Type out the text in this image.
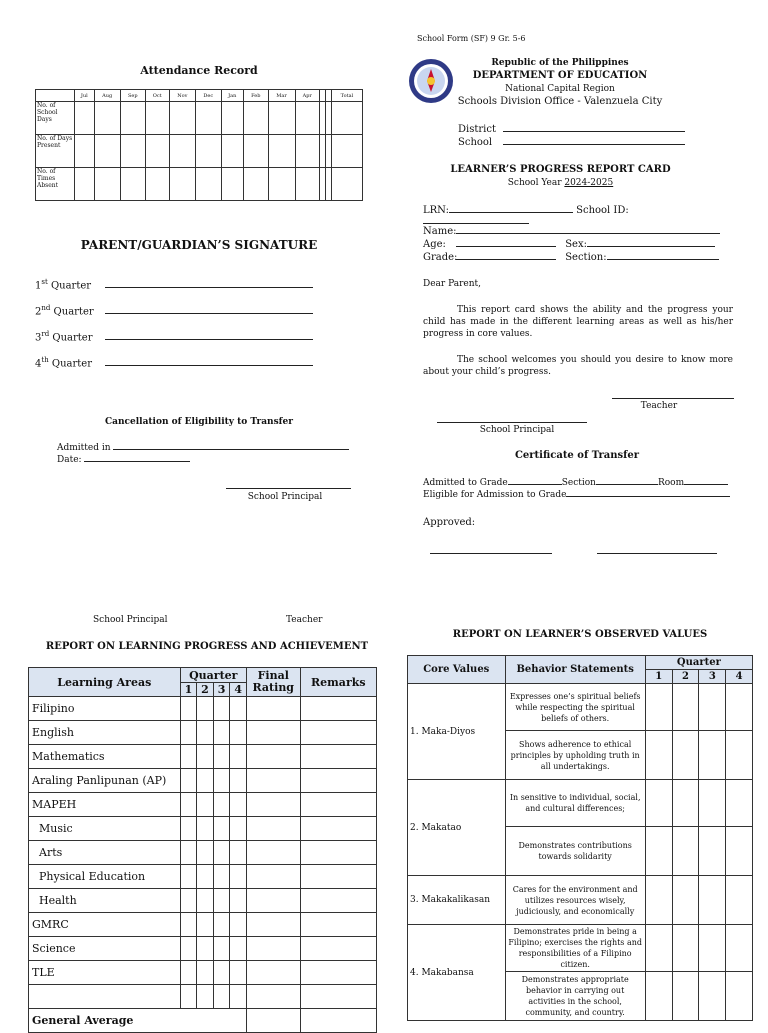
Attendance Record
	Jul	Aug	Sep	Oct	Nov	Dec	Jan	Feb	Mar	Apr			Total
No. of School Days													
No. of Days Present													
No. of Times Absent													
PARENT/GUARDIAN’S SIGNATURE
1st Quarter
2nd Quarter
3rd Quarter
4th Quarter
Cancellation of Eligibility to Transfer
Admitted in
Date:
School Principal
School Principal	Teacher
School Form (SF) 9 Gr. 5-6
Republic of the Philippines
DEPARTMENT OF EDUCATION
National Capital Region
Schools Division Office - Valenzuela City
District
School
LEARNER’S PROGRESS REPORT CARD
School Year 2024-2025
LRN:	School ID:
Name:
Age:	Sex:
Grade:	Section:
Dear Parent,
This report card shows the ability and the progress your child has made in the different learning areas as well as his/her progress in core values.
The school welcomes you should you desire to know more about your child’s progress.
Teacher
School Principal
Certificate of Transfer
Admitted to Grade	Section	Room
Eligible for Admission to Grade
Approved:
REPORT ON LEARNING PROGRESS AND ACHIEVEMENT
Learning Areas	Quarter				Final Rating	Remarks
	1	2	3	4		
Filipino						
English						
Mathematics						
Araling Panlipunan (AP)						
MAPEH						
Music						
Arts						
Physical Education						
Health						
GMRC						
Science						
TLE						

General Average						
REPORT ON LEARNER’S OBSERVED VALUES
Core Values	Behavior Statements	Quarter			
		1	2	3	4
1. Maka-Diyos	Expresses one’s spiritual beliefs while respecting the spiritual beliefs of others.				
	Shows adherence to ethical principles by upholding truth in all undertakings.				
2. Makatao	In sensitive to individual, social, and cultural differences;				
	Demonstrates contributions towards solidarity				
3. Makakalikasan	Cares for the environment and utilizes resources wisely, judiciously, and economically				
4. Makabansa	Demonstrates pride in being a Filipino; exercises the rights and responsibilities of a Filipino citizen.				
	Demonstrates appropriate behavior in carrying out activities in the school, community, and country.				
